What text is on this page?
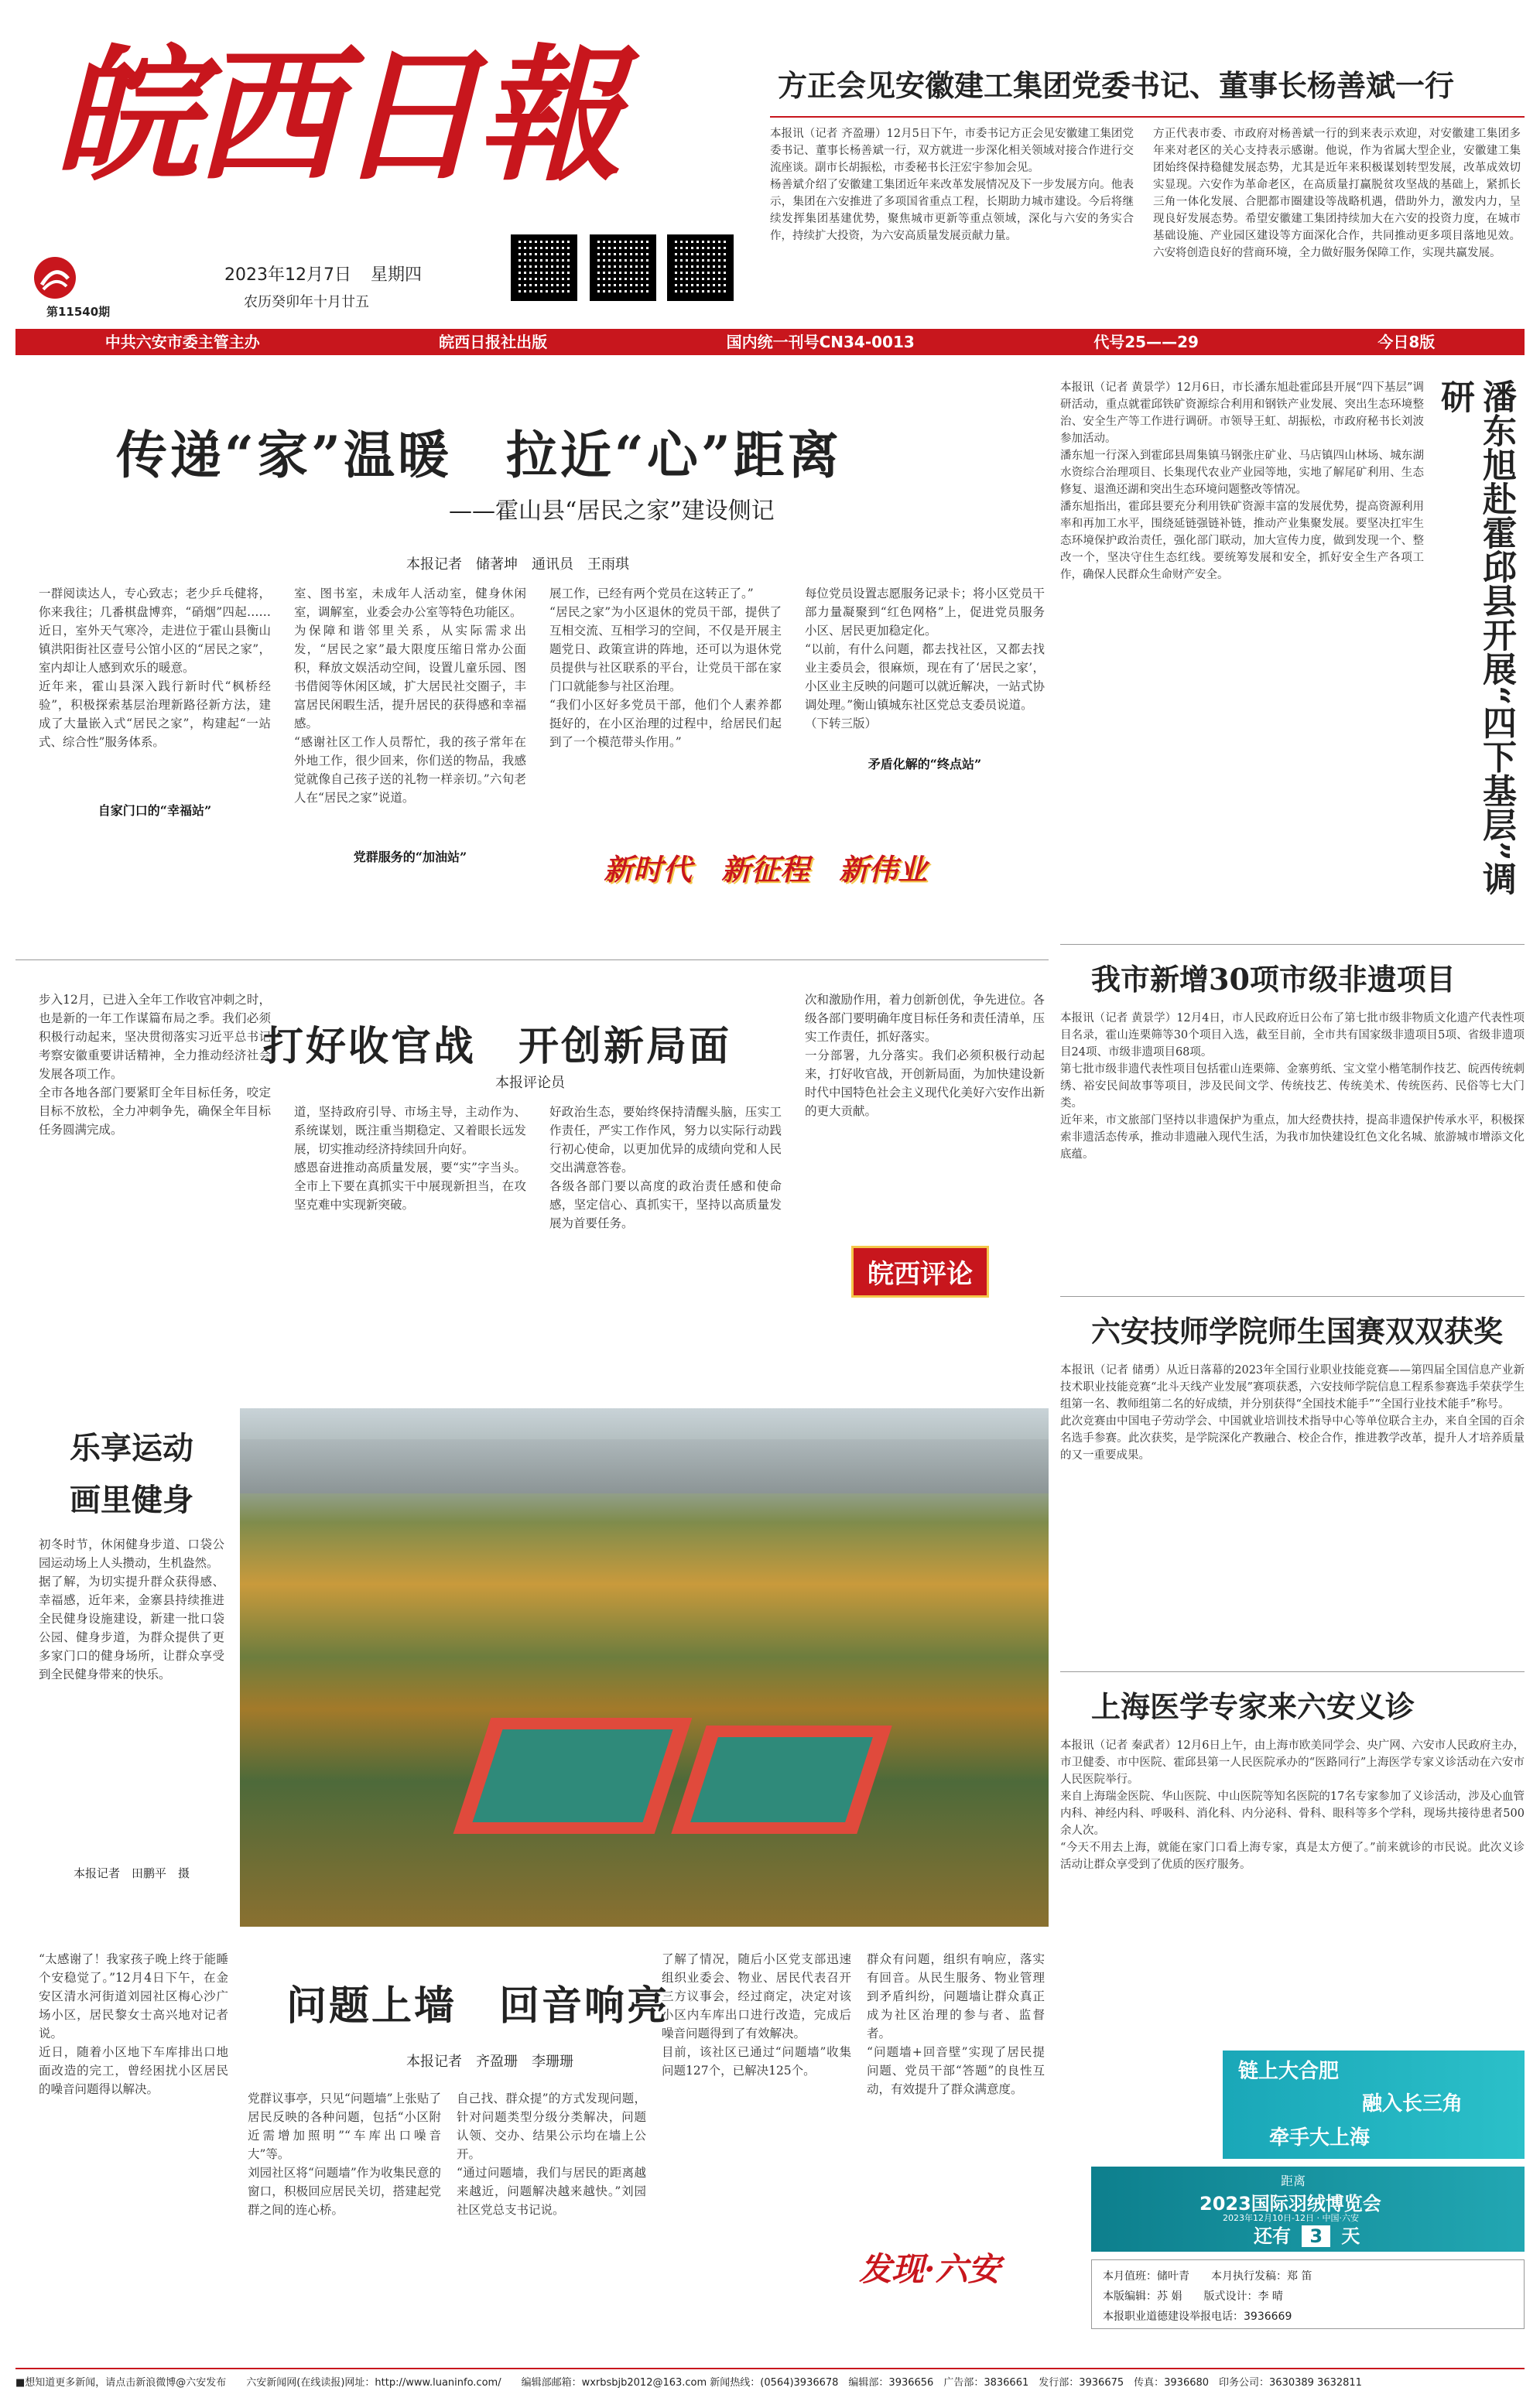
皖西日報
第11540期
2023年12月7日 星期四
农历癸卯年十月廿五
方正会见安徽建工集团党委书记、董事长杨善斌一行
本报讯（记者 齐盈珊）12月5日下午，市委书记方正会见安徽建工集团党委书记、董事长杨善斌一行，双方就进一步深化相关领域对接合作进行交流座谈。副市长胡振松，市委秘书长汪宏宇参加会见。
杨善斌介绍了安徽建工集团近年来改革发展情况及下一步发展方向。他表示，集团在六安推进了多项国省重点工程，长期助力城市建设。今后将继续发挥集团基建优势，聚焦城市更新等重点领域，深化与六安的务实合作，持续扩大投资，为六安高质量发展贡献力量。
方正代表市委、市政府对杨善斌一行的到来表示欢迎，对安徽建工集团多年来对老区的关心支持表示感谢。他说，作为省属大型企业，安徽建工集团始终保持稳健发展态势，尤其是近年来积极谋划转型发展，改革成效切实显现。六安作为革命老区，在高质量打赢脱贫攻坚战的基础上，紧抓长三角一体化发展、合肥都市圈建设等战略机遇，借助外力，激发内力，呈现良好发展态势。希望安徽建工集团持续加大在六安的投资力度，在城市基础设施、产业园区建设等方面深化合作，共同推动更多项目落地见效。六安将创造良好的营商环境，全力做好服务保障工作，实现共赢发展。
中共六安市委主管主办	皖西日报社出版	国内统一刊号CN34-0013	代号25——29	今日8版
传递“家”温暖　拉近“心”距离
——霍山县“居民之家”建设侧记
本报记者　储著坤　通讯员　王雨琪
一群阅读达人，专心致志；老少乒乓健将，你来我往；几番棋盘博弈，“硝烟”四起……近日，室外天气寒冷，走进位于霍山县衡山镇洪阳街社区壹号公馆小区的“居民之家”，室内却让人感到欢乐的暖意。
近年来，霍山县深入践行新时代“枫桥经验”，积极探索基层治理新路径新方法，建成了大量嵌入式“居民之家”，构建起“一站式、综合性”服务体系。
自家门口的“幸福站”
室、图书室，未成年人活动室，健身休闲室，调解室，业委会办公室等特色功能区。
为保障和谐邻里关系，从实际需求出发，“居民之家”最大限度压缩日常办公面积，释放文娱活动空间，设置儿童乐园、图书借阅等休闲区域，扩大居民社交圈子，丰富居民闲暇生活，提升居民的获得感和幸福感。
“感谢社区工作人员帮忙，我的孩子常年在外地工作，很少回来，你们送的物品，我感觉就像自己孩子送的礼物一样亲切。”六旬老人在“居民之家”说道。
党群服务的“加油站”
展工作，已经有两个党员在这转正了。”
“居民之家”为小区退休的党员干部，提供了互相交流、互相学习的空间，不仅是开展主题党日、政策宣讲的阵地，还可以为退休党员提供与社区联系的平台，让党员干部在家门口就能参与社区治理。
“我们小区好多党员干部，他们个人素养都挺好的，在小区治理的过程中，给居民们起到了一个模范带头作用。”
每位党员设置志愿服务记录卡；将小区党员干部力量凝聚到“红色网格”上，促进党员服务小区、居民更加稳定化。
“以前，有什么问题，都去找社区，又都去找业主委员会，很麻烦，现在有了‘居民之家’，小区业主反映的问题可以就近解决，一站式协调处理。”衡山镇城东社区党总支委员说道。
（下转三版）
矛盾化解的“终点站”
新时代　新征程　新伟业
本报讯（记者 黄景学）12月6日，市长潘东旭赴霍邱县开展“四下基层”调研活动，重点就霍邱铁矿资源综合利用和钢铁产业发展、突出生态环境整治、安全生产等工作进行调研。市领导王虹、胡振松，市政府秘书长刘波参加活动。
潘东旭一行深入到霍邱县周集镇马钢张庄矿业、马店镇四山林场、城东湖水资综合治理项目、长集现代农业产业园等地，实地了解尾矿利用、生态修复、退渔还湖和突出生态环境问题整改等情况。
潘东旭指出，霍邱县要充分利用铁矿资源丰富的发展优势，提高资源利用率和再加工水平，围绕延链强链补链，推动产业集聚发展。要坚决扛牢生态环境保护政治责任，强化部门联动，加大宣传力度，做到发现一个、整改一个，坚决守住生态红线。要统筹发展和安全，抓好安全生产各项工作，确保人民群众生命财产安全。	潘东旭赴霍邱县开展“四下基层”调研
打好收官战　开创新局面
本报评论员
步入12月，已进入全年工作收官冲刺之时，也是新的一年工作谋篇布局之季。我们必须积极行动起来，坚决贯彻落实习近平总书记考察安徽重要讲话精神，全力推动经济社会发展各项工作。
全市各地各部门要紧盯全年目标任务，咬定目标不放松，全力冲刺争先，确保全年目标任务圆满完成。
道，坚持政府引导、市场主导，主动作为、系统谋划，既注重当期稳定、又着眼长远发展，切实推动经济持续回升向好。
感恩奋进推动高质量发展，要“实”字当头。全市上下要在真抓实干中展现新担当，在攻坚克难中实现新突破。
好政治生态，要始终保持清醒头脑，压实工作责任，严实工作作风，努力以实际行动践行初心使命，以更加优异的成绩向党和人民交出满意答卷。
各级各部门要以高度的政治责任感和使命感，坚定信心、真抓实干，坚持以高质量发展为首要任务。
次和激励作用，着力创新创优，争先进位。各级各部门要明确年度目标任务和责任清单，压实工作责任，抓好落实。
一分部署，九分落实。我们必须积极行动起来，打好收官战，开创新局面，为加快建设新时代中国特色社会主义现代化美好六安作出新的更大贡献。
皖西评论
乐享运动
画里健身
初冬时节，休闲健身步道、口袋公园运动场上人头攒动，生机盎然。
据了解，为切实提升群众获得感、幸福感，近年来，金寨县持续推进全民健身设施建设，新建一批口袋公园、健身步道，为群众提供了更多家门口的健身场所，让群众享受到全民健身带来的快乐。
本报记者　田鹏平　摄
我市新增30项市级非遗项目
本报讯（记者 黄景学）12月4日，市人民政府近日公布了第七批市级非物质文化遗产代表性项目名录，霍山连栗筛等30个项目入选，截至目前，全市共有国家级非遗项目5项、省级非遗项目24项、市级非遗项目68项。
第七批市级非遗代表性项目包括霍山连栗筛、金寨剪纸、宝文堂小楷笔制作技艺、皖西传统刺绣、裕安民间故事等项目，涉及民间文学、传统技艺、传统美术、传统医药、民俗等七大门类。
近年来，市文旅部门坚持以非遗保护为重点，加大经费扶持，提高非遗保护传承水平，积极探索非遗活态传承，推动非遗融入现代生活，为我市加快建设红色文化名城、旅游城市增添文化底蕴。
六安技师学院师生国赛双双获奖
本报讯（记者 储勇）从近日落幕的2023年全国行业职业技能竞赛——第四届全国信息产业新技术职业技能竞赛“北斗天线产业发展”赛项获悉，六安技师学院信息工程系参赛选手荣获学生组第一名、教师组第二名的好成绩，并分别获得“全国技术能手”“全国行业技术能手”称号。
此次竞赛由中国电子劳动学会、中国就业培训技术指导中心等单位联合主办，来自全国的百余名选手参赛。此次获奖，是学院深化产教融合、校企合作，推进教学改革，提升人才培养质量的又一重要成果。
上海医学专家来六安义诊
本报讯（记者 秦武者）12月6日上午，由上海市欧美同学会、央广网、六安市人民政府主办，市卫健委、市中医院、霍邱县第一人民医院承办的“医路同行”上海医学专家义诊活动在六安市人民医院举行。
来自上海瑞金医院、华山医院、中山医院等知名医院的17名专家参加了义诊活动，涉及心血管内科、神经内科、呼吸科、消化科、内分泌科、骨科、眼科等多个学科，现场共接待患者500余人次。
“今天不用去上海，就能在家门口看上海专家，真是太方便了。”前来就诊的市民说。此次义诊活动让群众享受到了优质的医疗服务。
链上大合肥
融入长三角
牵手大上海
距离
2023国际羽绒博览会
2023年12月10日-12日 · 中国·六安
还有 3 天
本月值班：储叶青　　本月执行发稿：郑 笛
本版编辑：苏 娟　　版式设计：李 晴
本报职业道德建设举报电话：3936669
“太感谢了！我家孩子晚上终于能睡个安稳觉了。”12月4日下午，在金安区清水河街道刘园社区梅心沙广场小区，居民黎女士高兴地对记者说。
近日，随着小区地下车库排出口地面改造的完工，曾经困扰小区居民的噪音问题得以解决。
问题上墙　回音响亮
本报记者　齐盈珊　李珊珊
党群议事亭，只见“问题墙”上张贴了居民反映的各种问题，包括“小区附近需增加照明”“车库出口噪音大”等。
刘园社区将“问题墙”作为收集民意的窗口，积极回应居民关切，搭建起党群之间的连心桥。
自己找、群众提”的方式发现问题，针对问题类型分级分类解决，问题认领、交办、结果公示均在墙上公开。
“通过问题墙，我们与居民的距离越来越近，问题解决越来越快。”刘园社区党总支书记说。
了解了情况，随后小区党支部迅速组织业委会、物业、居民代表召开三方议事会，经过商定，决定对该小区内车库出口进行改造，完成后噪音问题得到了有效解决。
目前，该社区已通过“问题墙”收集问题127个，已解决125个。
群众有问题，组织有响应，落实有回音。从民生服务、物业管理到矛盾纠纷，问题墙让群众真正成为社区治理的参与者、监督者。
“问题墙+回音壁”实现了居民提问题、党员干部“答题”的良性互动，有效提升了群众满意度。
发现·六安
■想知道更多新闻，请点击新浪微博@六安发布　　六安新闻网(在线读报)网址：http://www.luaninfo.com/　　编辑部邮箱：wxrbsbjb2012@163.com 新闻热线：(0564)3936678　编辑部：3936656　广告部：3836661　发行部：3936675　传真：3936680　印务公司：3630389 3632811
